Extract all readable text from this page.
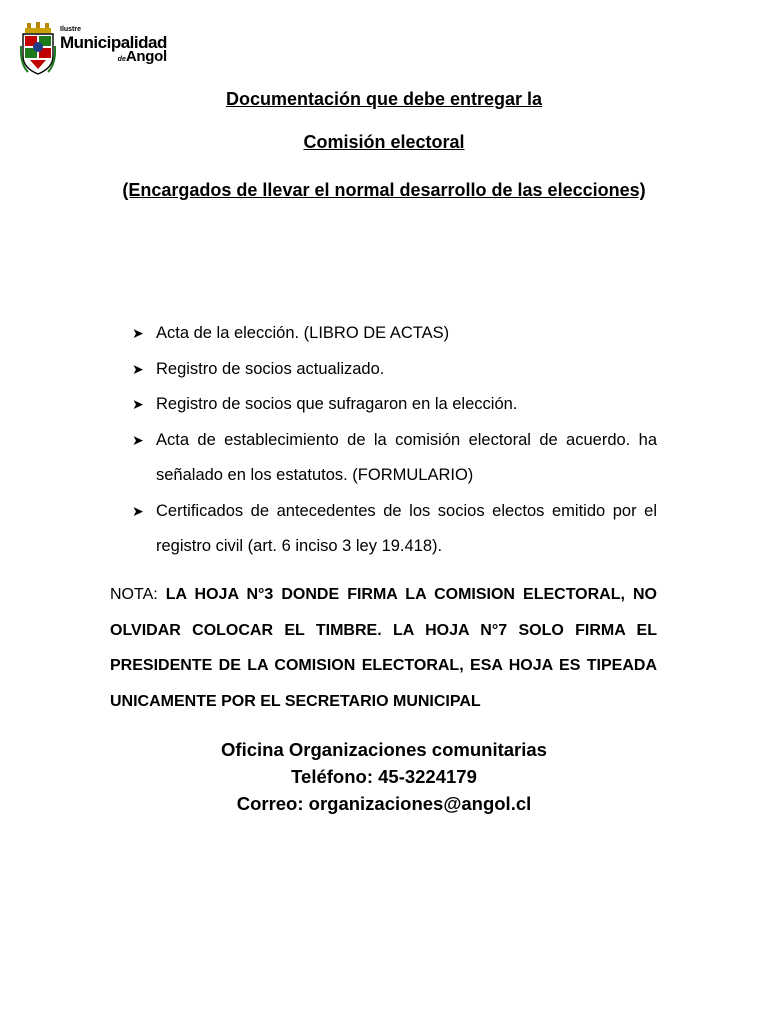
Ilustre
Municipalidad
deAngol

Documentación que debe entregar la

Comisión electoral

(Encargados de llevar el normal desarrollo de las elecciones)

➤ Acta de la elección. (LIBRO DE ACTAS)
➤ Registro de socios actualizado.
➤ Registro de socios que sufragaron en la elección.
➤ Acta de establecimiento de la comisión electoral de acuerdo. ha señalado en los estatutos. (FORMULARIO)
➤ Certificados de antecedentes de los socios electos emitido por el registro civil (art. 6 inciso 3 ley 19.418).

NOTA: LA HOJA N°3 DONDE FIRMA LA COMISION ELECTORAL, NO OLVIDAR COLOCAR EL TIMBRE. LA HOJA N°7 SOLO FIRMA EL PRESIDENTE DE LA COMISION ELECTORAL, ESA HOJA ES TIPEADA UNICAMENTE POR EL SECRETARIO MUNICIPAL

Oficina Organizaciones comunitarias
Teléfono: 45-3224179
Correo: organizaciones@angol.cl
